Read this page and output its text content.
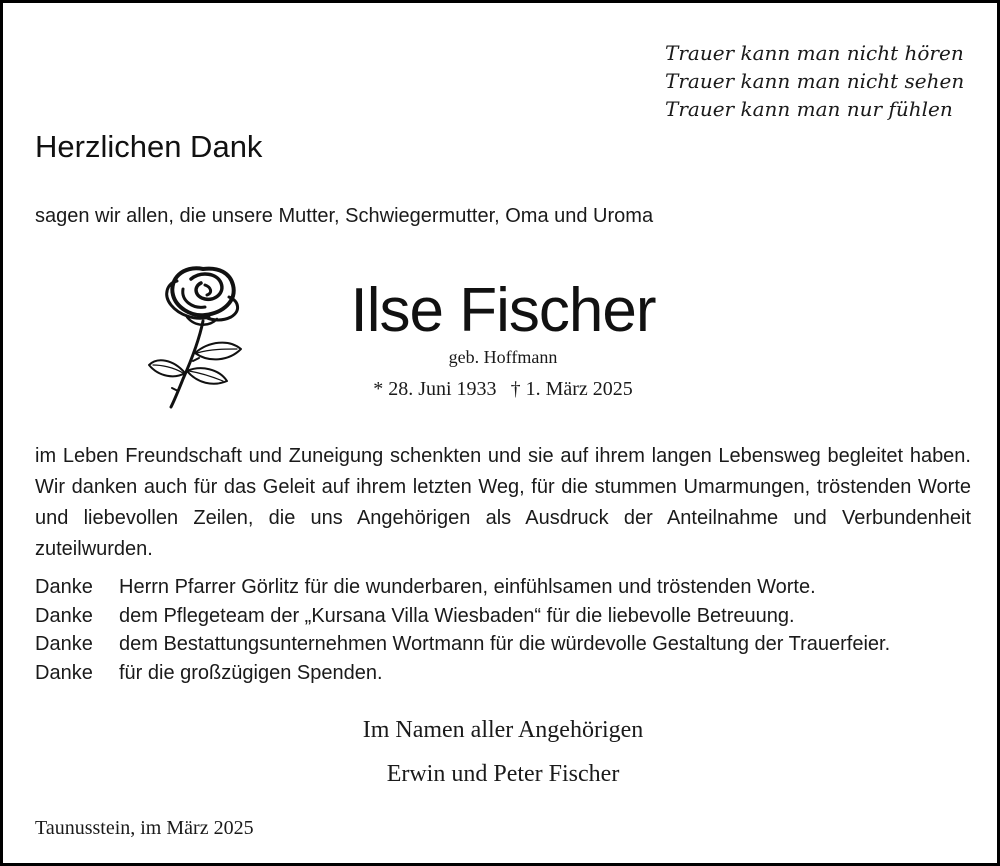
Trauer kann man nicht hören
Trauer kann man nicht sehen
Trauer kann man nur fühlen
Herzlichen Dank
sagen wir allen, die unsere Mutter, Schwiegermutter, Oma und Uroma
Ilse Fischer
geb. Hoffmann
* 28. Juni 1933 † 1. März 2025
im Leben Freundschaft und Zuneigung schenkten und sie auf ihrem langen Lebensweg begleitet haben. Wir danken auch für das Geleit auf ihrem letzten Weg, für die stummen Umarmungen, tröstenden Worte und liebevollen Zeilen, die uns Angehörigen als Ausdruck der Anteilnahme und Verbundenheit zuteilwurden.
Danke	Herrn Pfarrer Görlitz für die wunderbaren, einfühlsamen und tröstenden Worte.
Danke	dem Pflegeteam der „Kursana Villa Wiesbaden“ für die liebevolle Betreuung.
Danke	dem Bestattungsunternehmen Wortmann für die würdevolle Gestaltung der Trauerfeier.
Danke	für die großzügigen Spenden.
Im Namen aller Angehörigen
Erwin und Peter Fischer
Taunusstein, im März 2025
